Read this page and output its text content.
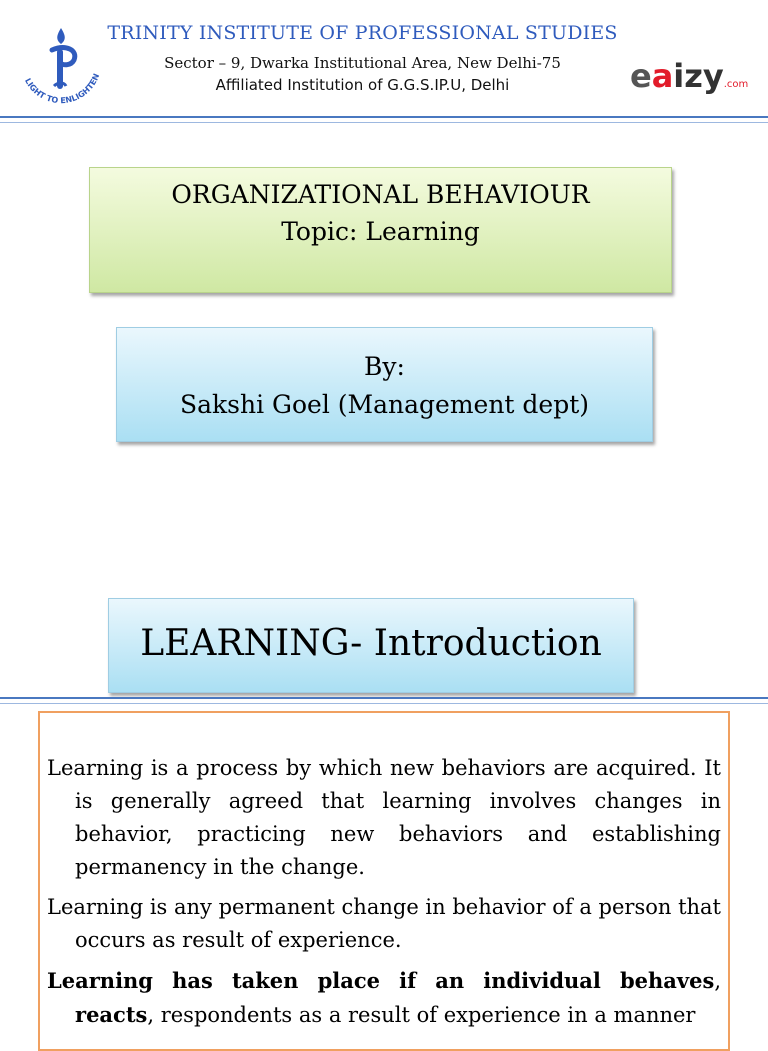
LIGHT TO ENLIGHTEN
TRINITY INSTITUTE OF PROFESSIONAL STUDIES
Sector – 9, Dwarka Institutional Area, New Delhi-75
Affiliated Institution of G.G.S.IP.U, Delhi	eaizy.com
ORGANIZATIONAL BEHAVIOUR
Topic: Learning
By:
Sakshi Goel (Management dept)
LEARNING- Introduction
Learning is a process by which new behaviors are acquired. It is generally agreed that learning involves changes in behavior, practicing new behaviors and establishing permanency in the change.
Learning is any permanent change in behavior of a person that occurs as result of experience.
Learning has taken place if an individual behaves, reacts, respondents as a result of experience in a manner
